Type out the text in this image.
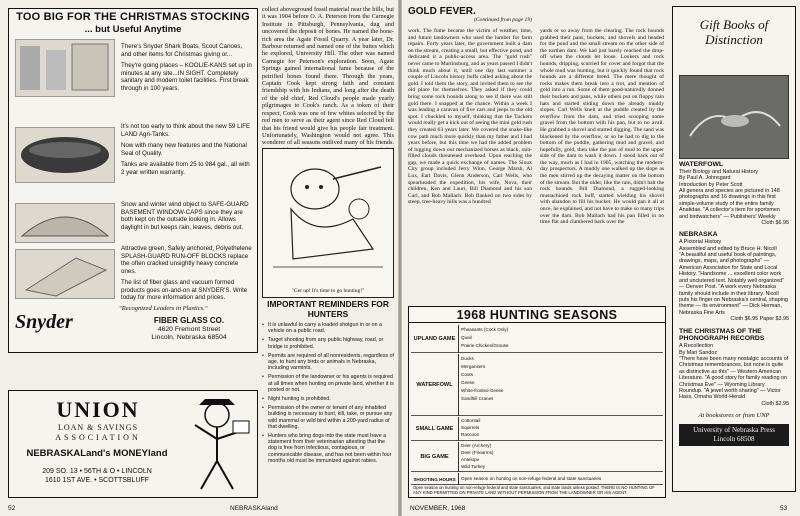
TOO BIG FOR THE CHRISTMAS STOCKING
... but Useful Anytime

There's Snyder Shark Boats, Scout Canoes, and other items for Christmas giving or...

They're going places – KOOLIE-KANS set up in minutes at any site...IN SIGHT. Completely sanitary and modern toilet facilities. First break through in 100 years.

It's not too early to think about the new 59 LIFE LAND Agri-Tanks.

Now with many new features and the National Seal of Quality.

Tanks are available from 25 to 984 gal., all with 2 year written warranty.

Snow and winter wind object to SAFE-GUARD BASEMENT WINDOW-CAPS since they are both kept on the outside looking in. Allows daylight in but keeps rain, leaves, debris out.

Attractive green, Safely anchored, Polyethelene SPLASH-GUARD RUN-OFF BLOCKS replace the often cracked unsightly heavy concrete ones.

The list of fiber glass and vacuum formed products goes on-and-on at SNYDER'S. Write today for more information and prices.

"Recognized Leaders in Plastics."
Snyder	FIBER GLASS CO.
4620 Fremont Street
Lincoln, Nebraska 68504
collect aboveground fossil material near the hills, but it was 1904 before O. A. Peterson from the Carnegie Institute in Pittsburgh, Pennsylvania, dug and uncovered the deposit of bones. He named the bone-rich area the Agate Fossil Quarry. A year later, Dr. Barbour returned and named one of the buttes which he explored, University Hill. The other was named Carnegie for Peterson's exploration. Soon, Agate Springs gained international fame because of the petrified bones found there. Through the years, Captain Cook kept strong faith and constant friendship with his Indians, and long after the death of the old chief, Red Cloud's people made yearly pilgrimages to Cook's ranch. As a token of their respect, Cook was one of few whites selected by the red men to serve as their agent since Red Cloud felt that his friend would give his people fair treatment. Unfortunately, Washington would not agree. This wonderer of all seasons outlived many of his friends.
"Get up! It's time to go hunting!"
IMPORTANT REMINDERS FOR HUNTERS
• It is unlawful to carry a loaded shotgun in or on a vehicle on a public road.
• Target shooting from any public highway, road, or bridge is prohibited.
• Permits are required of all nonresidents, regardless of age, to hunt any birds or animals in Nebraska, including varmints.
• Permission of the landowner or his agents is required at all times when hunting on private land, whether it is posted or not.
• Night hunting is prohibited.
• Permission of the owner or tenant of any inhabited building is necessary to hunt, kill, take, or pursue any wild mammal or wild bird within a 200-yard radius of that dwelling.
• Hunters who bring dogs into the state must have a statement from their veterinarian attesting that the dog is free from infectious, contagious, or communicable disease, and has not been within four months old must be immunized against rabies.
UNION
LOAN & SAVINGS
ASSOCIATION
NEBRASKALand's MONEYland
209 SO. 13 • 56TH & O • LINCOLN
1610 1ST AVE. • SCOTTSBLUFF
52	NEBRASKAland
GOLD FEVER.
(Continued from page 19)
work. The fume became the victim of weather, time, and future landowners who used the lumber for farm repairs. Forty years later, the government built a dam on the stream, creating a small, but effective pond, and dedicated it a public-access area. The "gold rush" never came to Martinsburg, and as years passed I didn't think much about it, until one day last summer a couple of Lincoln history buffs called asking about the gold. I told them the story, and invited them to see the old place for themselves. They asked if they could bring some rock hounds along to see if there was still gold there. I snapped at the chance. Within a week I was leading a caravan of five cars and jeeps to the old spot. I chuckled to myself, thinking that the Tuckers would really get a kick out of seeing the mini gold rush they created 63 years later. We covered the snake-like cow path much more quickly than my father and I had years before, but this time we had the added problem of lugging down our mechanized horses as black, rain-filled clouds threatened overhead. Upon reaching the gap, we made a quick exchange of names. The Sioux City group included Jerry Winn, George Marsh, Al Lux, Earl Davis, Glenn Anderson, Carl Wells, who spearheaded the expedition, his wife, Nova, their children, Ken and Lauri, Bill Diamond and his son Carl, and Bob Mallach. Bob flanked on two sides by steep, tree-heavy hills was a hundred
yards or so away from the clearing. The rock hounds grabbed their pans, buckets, and shovels and headed for the pond and the small stream on the other side of the earthen dam. We had just barely reached the drop-off when the clouds let loose. Lookers and rock hounds, dripping, scurried for cover and forgot that the whole mud was hunting, but it quickly found that rock hounds are a different breed. The mere thought of rocks makes them break into a trot, and mention of gold into a run. Some of them good-naturedly donned their buckets and pans, while others put on floppy rain hats and started sliding down the already muddy slopes. Carl Wells knelt at the puddle created by the overflow from the dam, and tried scooping some gravel from the bottom with his pan, but to no avail. He grabbed a shovel and started digging. The sand was blackened by the overflow, or so he had to dig to the bottom of the puddle, gathering mud and gravel, and hopefully, gold, then take the pan of mud to the upper side of the dam to wash it down. I stood back out of the way, much as I had in 1905, watching the modern-day prospectors. A muddy one walked up the slope as the men stirred up the decaying matter on the bottom of the stream. But the older, like the rain, didn't halt the rock hounds. Bill Diamond, a rugged-looking mustachioed rock buff, started wielding his shovel with abandon to fill his bucket. He would pan it all at once, he explained, and not have to make so many trips over the dam. Bob Mallach had his pan filled in no time flat and clambered back over the
1968 HUNTING SEASONS
UPLAND GAME
Pheasants (Cock Only)
Quail
Prairie Chicken/Grouse
WATERFOWL
Ducks
Mergansers
Coots
Geese
White-fronted Geese
Sandhill Cranes
SMALL GAME
Cottontail
Squirrels
Raccoon
BIG GAME
Deer (Archery)
Deer (Firearms)
Antelope
Wild Turkey
SHOOTING HOURS	Open season on hunting on non-refuge federal and state sanctuaries
Open season on hunting on non-refuge federal and state sanctuaries, and state lands unless posted. THERE IS NO HUNTING OF ANY KIND PERMITTED ON PRIVATE LAND WITHOUT PERMISSION FROM THE LANDOWNER OR HIS AGENT.
Gift Books of Distinction
WATERFOWL
Their Biology and Natural History
By Paul A. Johnsgard
Introduction by Peter Scott
All genera and species are pictured in 148 photographs and 16 drawings in this first simple-volume study of the entire family Anatidae. "A collector's item for sportsmen and birdwatchers" — Publishers' Weekly
Cloth $6.95
NEBRASKA
A Pictorial History
Assembled and edited by Bruce H. Nicoll
"A beautiful and useful book of paintings, drawings, maps, and photographs" — American Association for State and Local History. "Handsome ... excellent color work and unclutered text. Notably well organized" — Denver Post. "A work every Nebraska family should include in their library. Nicoll puts his finger on Nebraska's central, shaping theme — its environment" — Dick Herman, Nebraska Fine Arts
Cloth $6.95 Paper $3.95
THE CHRISTMAS OF THE PHONOGRAPH RECORDS
A Recollection
By Mari Sandoz
"There have been many nostalgic accounts of Christmas remembrances, but none is quite as distinctive as this" — Western American Literature. "A good story for family reading on Christmas Eve" — Wyoming Library Roundup. "A jewel worth sharing" — Victor Hass, Omaha World-Herald
Cloth $2.95
At bookstores or from UNP
University of Nebraska Press
Lincoln 68508
NOVEMBER, 1968	53
